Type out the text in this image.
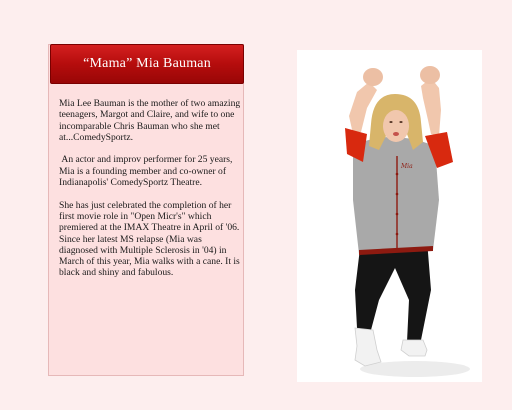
“Mama” Mia Bauman

Mia Lee Bauman is the mother of two amazing teenagers, Margot and Claire, and wife to one incomparable Chris Bauman who she met at...ComedySportz.

An actor and improv performer for 25 years, Mia is a founding member and co-owner of Indianapolis' ComedySportz Theatre.

She has just celebrated the completion of her first movie role in "Open Micr's" which premiered at the IMAX Theatre in April of '06. Since her latest MS relapse (Mia was diagnosed with Multiple Sclerosis in '04) in March of this year, Mia walks with a cane. It is black and shiny and fabulous.

Mia
